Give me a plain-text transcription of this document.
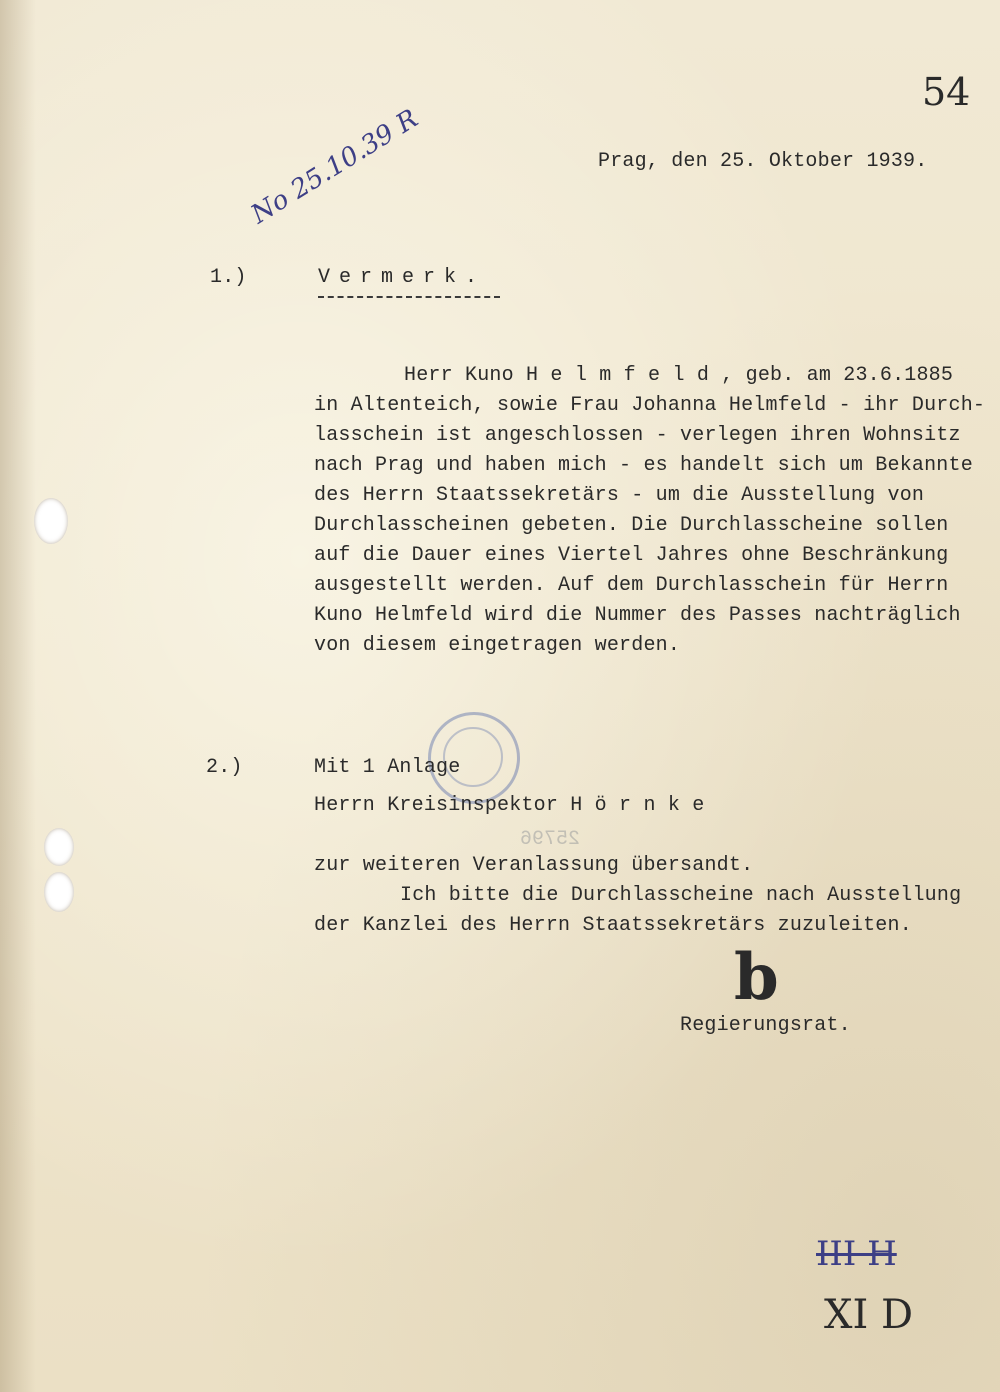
54
Prag, den 25. Oktober 1939.
No 25.10.39 R
1.)	Vermerk.
Herr Kuno H e l m f e l d , geb. am 23.6.1885
in Altenteich, sowie Frau Johanna Helmfeld - ihr Durch-
lasschein ist angeschlossen - verlegen ihren Wohnsitz
nach Prag und haben mich - es handelt sich um Bekannte
des Herrn Staatssekretärs - um die Ausstellung von
Durchlasscheinen gebeten. Die Durchlasscheine sollen
auf die Dauer eines Viertel Jahres ohne Beschränkung
ausgestellt werden. Auf dem Durchlasschein für Herrn
Kuno Helmfeld wird die Nummer des Passes nachträglich
von diesem eingetragen werden.
2.)	Mit 1 Anlage
Herrn Kreisinspektor H ö r n k e
25796
zur weiteren Veranlassung übersandt.
Ich bitte die Durchlasscheine nach Ausstellung
der Kanzlei des Herrn Staatssekretärs zuzuleiten.
b
Regierungsrat.
III H
XI D
